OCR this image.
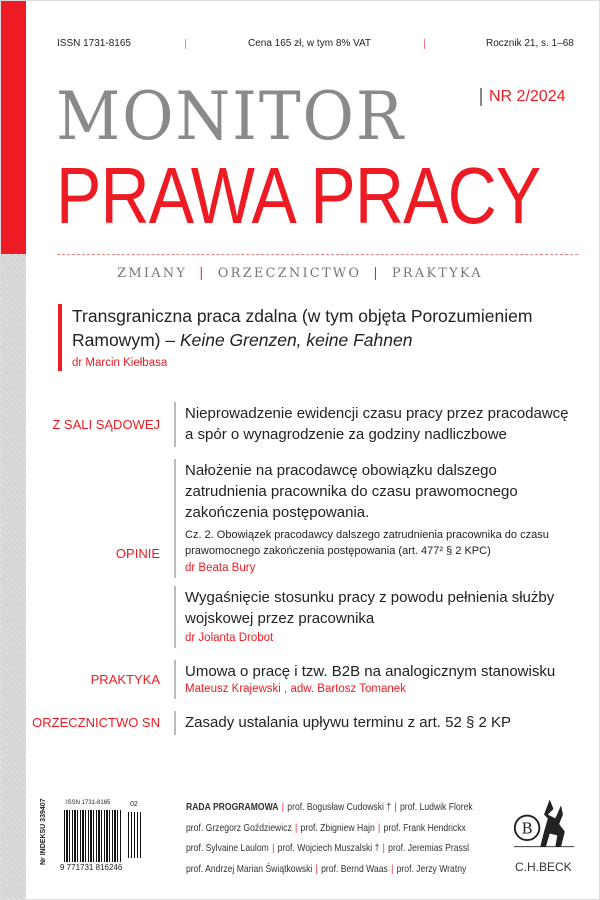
ISSN 1731-8165	Cena 165 zł, w tym 8% VAT	Rocznik 21, s. 1–68
MONITOR
PRAWA PRACY
NR 2/2024
ZMIANY | ORZECZNICTWO | PRAKTYKA
Transgraniczna praca zdalna (w tym objęta Porozumieniem Ramowym) – Keine Grenzen, keine Fahnen
dr Marcin Kiełbasa
Z SALI SĄDOWEJ
Nieprowadzenie ewidencji czasu pracy przez pracodawcę a spór o wynagrodzenie za godziny nadliczbowe
OPINIE
Nałożenie na pracodawcę obowiązku dalszego zatrudnienia pracownika do czasu prawomocnego zakończenia postępowania.
Cz. 2. Obowiązek pracodawcy dalszego zatrudnienia pracownika do czasu prawomocnego zakończenia postępowania (art. 477² § 2 KPC)
dr Beata Bury
Wygaśnięcie stosunku pracy z powodu pełnienia służby wojskowej przez pracownika
dr Jolanta Drobot
PRAKTYKA Umowa o pracę i tzw. B2B na analogicznym stanowisku
Mateusz Krajewski , adw. Bartosz Tomanek
ORZECZNICTWO SN Zasady ustalania upływu terminu z art. 52 § 2 KP
Nr INDEKSU 339407	ISSN 1731-8165	02
9 771731 816246
RADA PROGRAMOWA | prof. Bogusław Cudowski † | prof. Ludwik Florek
prof. Grzegorz Goździewicz | prof. Zbigniew Hajn | prof. Frank Hendrickx
prof. Sylvaine Laulom | prof. Wojciech Muszalski † | prof. Jeremias Prassl
prof. Andrzej Marian Świątkowski | prof. Bernd Waas | prof. Jerzy Wratny
B
C.H.BECK
